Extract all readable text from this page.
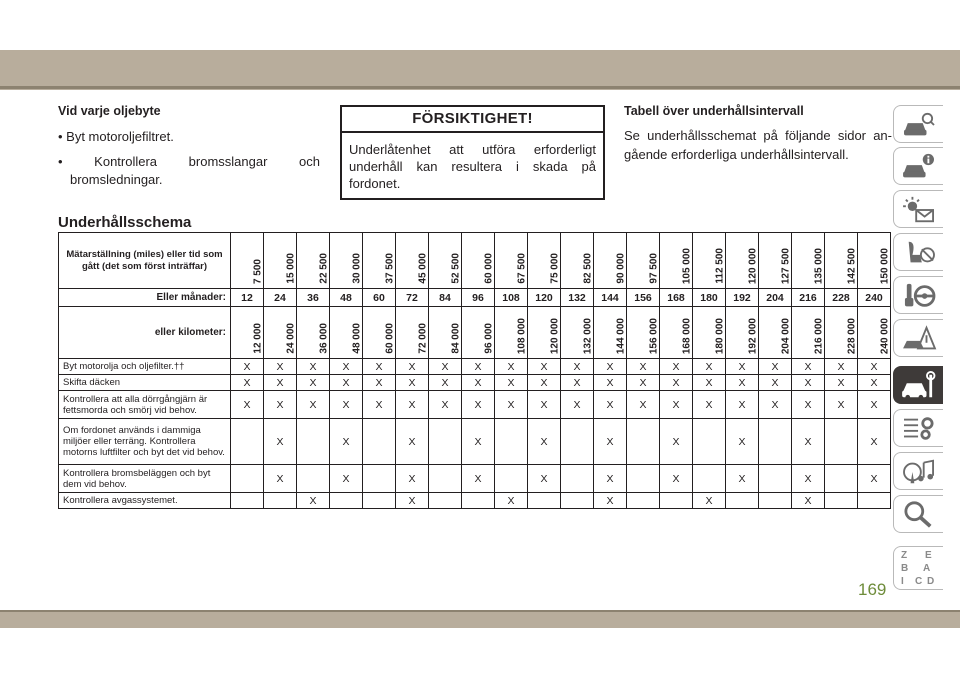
Vid varje oljebyte
• Byt motoroljefiltret.
• Kontrollera bromsslangar och bromsledningar.
FÖRSIKTIGHET!
Underlåtenhet att utföra erforderligt underhåll kan resultera i skada på fordonet.
Tabell över underhållsintervall
Se underhållsschemat på följande sidor an-gående erforderliga underhållsintervall.
Underhållsschema
Mätarställning (miles) eller tid som gått (det som först inträffar)	7 500	15 000	22 500	30 000	37 500	45 000	52 500	60 000	67 500	75 000	82 500	90 000	97 500	105 000	112 500	120 000	127 500	135 000	142 500	150 000

Eller månader:	12	24	36	48	60	72	84	96	108	120	132	144	156	168	180	192	204	216	228	240
eller kilometer:	12 000	24 000	36 000	48 000	60 000	72 000	84 000	96 000	108 000	120 000	132 000	144 000	156 000	168 000	180 000	192 000	204 000	216 000	228 000	240 000

Byt motorolja och oljefilter.††	X	X	X	X	X	X	X	X	X	X	X	X	X	X	X	X	X	X	X	X
Skifta däcken	X	X	X	X	X	X	X	X	X	X	X	X	X	X	X	X	X	X	X	X
Kontrollera att alla dörrgångjärn är fettsmorda och smörj vid behov.	X	X	X	X	X	X	X	X	X	X	X	X	X	X	X	X	X	X	X	X
Om fordonet används i dammiga miljöer eller terräng. Kontrollera motorns luftfilter och byt det vid behov.		X		X		X		X		X		X		X		X		X		X
Kontrollera bromsbeläggen och byt dem vid behov.		X		X		X		X		X		X		X		X		X		X
Kontrollera avgassystemet.			X			X			X			X			X			X		
Z E
B A
I C D
169
